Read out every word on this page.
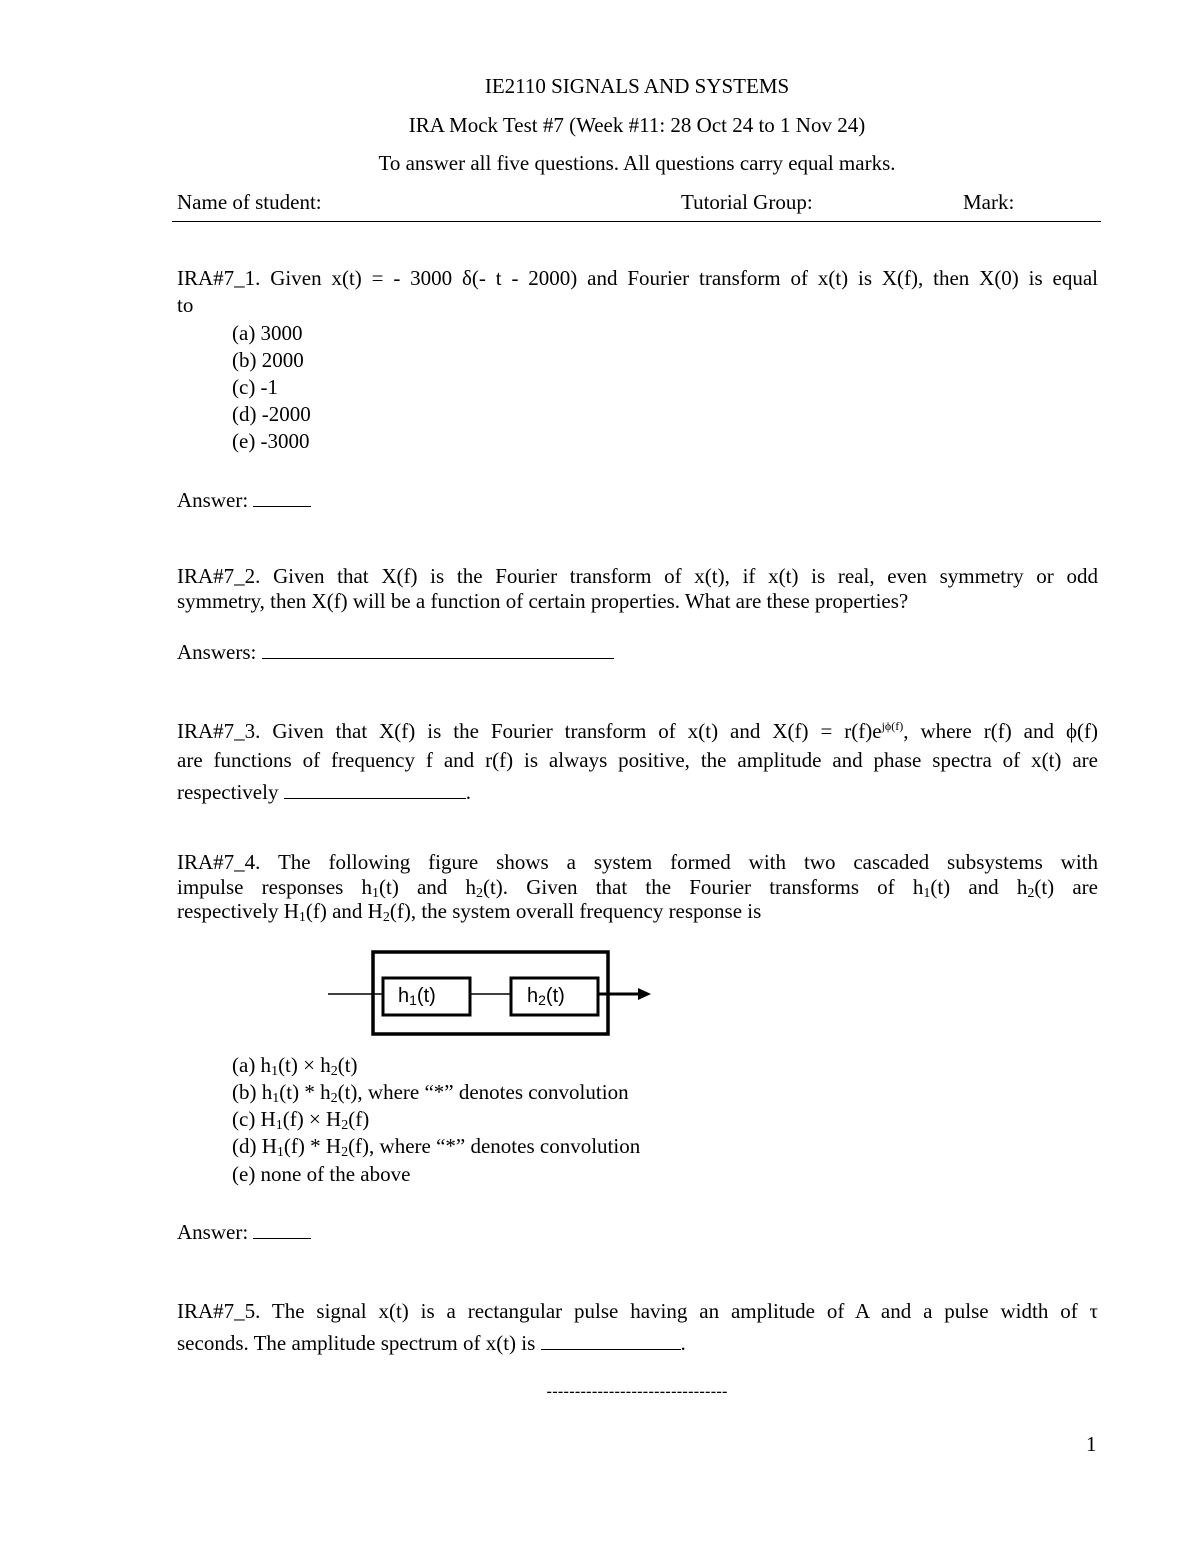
IE2110 SIGNALS AND SYSTEMS
IRA Mock Test #7 (Week #11: 28 Oct 24 to 1 Nov 24)
To answer all five questions. All questions carry equal marks.
Name of student:	Tutorial Group:	Mark:
IRA#7_1. Given x(t) = - 3000 δ(- t - 2000) and Fourier transform of x(t) is X(f), then X(0) is equal
to
(a) 3000
(b) 2000
(c) -1
(d) -2000
(e) -3000
Answer:
IRA#7_2. Given that X(f) is the Fourier transform of x(t), if x(t) is real, even symmetry or odd
symmetry, then X(f) will be a function of certain properties. What are these properties?
Answers:
IRA#7_3. Given that X(f) is the Fourier transform of x(t) and $X(f) = r(f)e^{j\phi(f)}$, where r(f) and ϕ(f)
are functions of frequency f and r(f) is always positive, the amplitude and phase spectra of x(t) are
respectively	.
IRA#7_4. The following figure shows a system formed with two cascaded subsystems with
impulse responses $h_1(t)$ and $h_2(t)$. Given that the Fourier transforms of $h_1(t)$ and $h_2(t)$ are
respectively $H_1(f)$ and $H_2(f)$, the system overall frequency response is
$h_1(t)$	$h_2(t)$
(a) $h_1(t) \times h_2(t)$
(b) $h_1(t) * h_2(t)$, where “*” denotes convolution
(c) $H_1(f) \times H_2(f)$
(d) $H_1(f) * H_2(f)$, where “*” denotes convolution
(e) none of the above
Answer:
IRA#7_5. The signal x(t) is a rectangular pulse having an amplitude of A and a pulse width of τ
seconds. The amplitude spectrum of x(t) is	.
--------------------------------
1
